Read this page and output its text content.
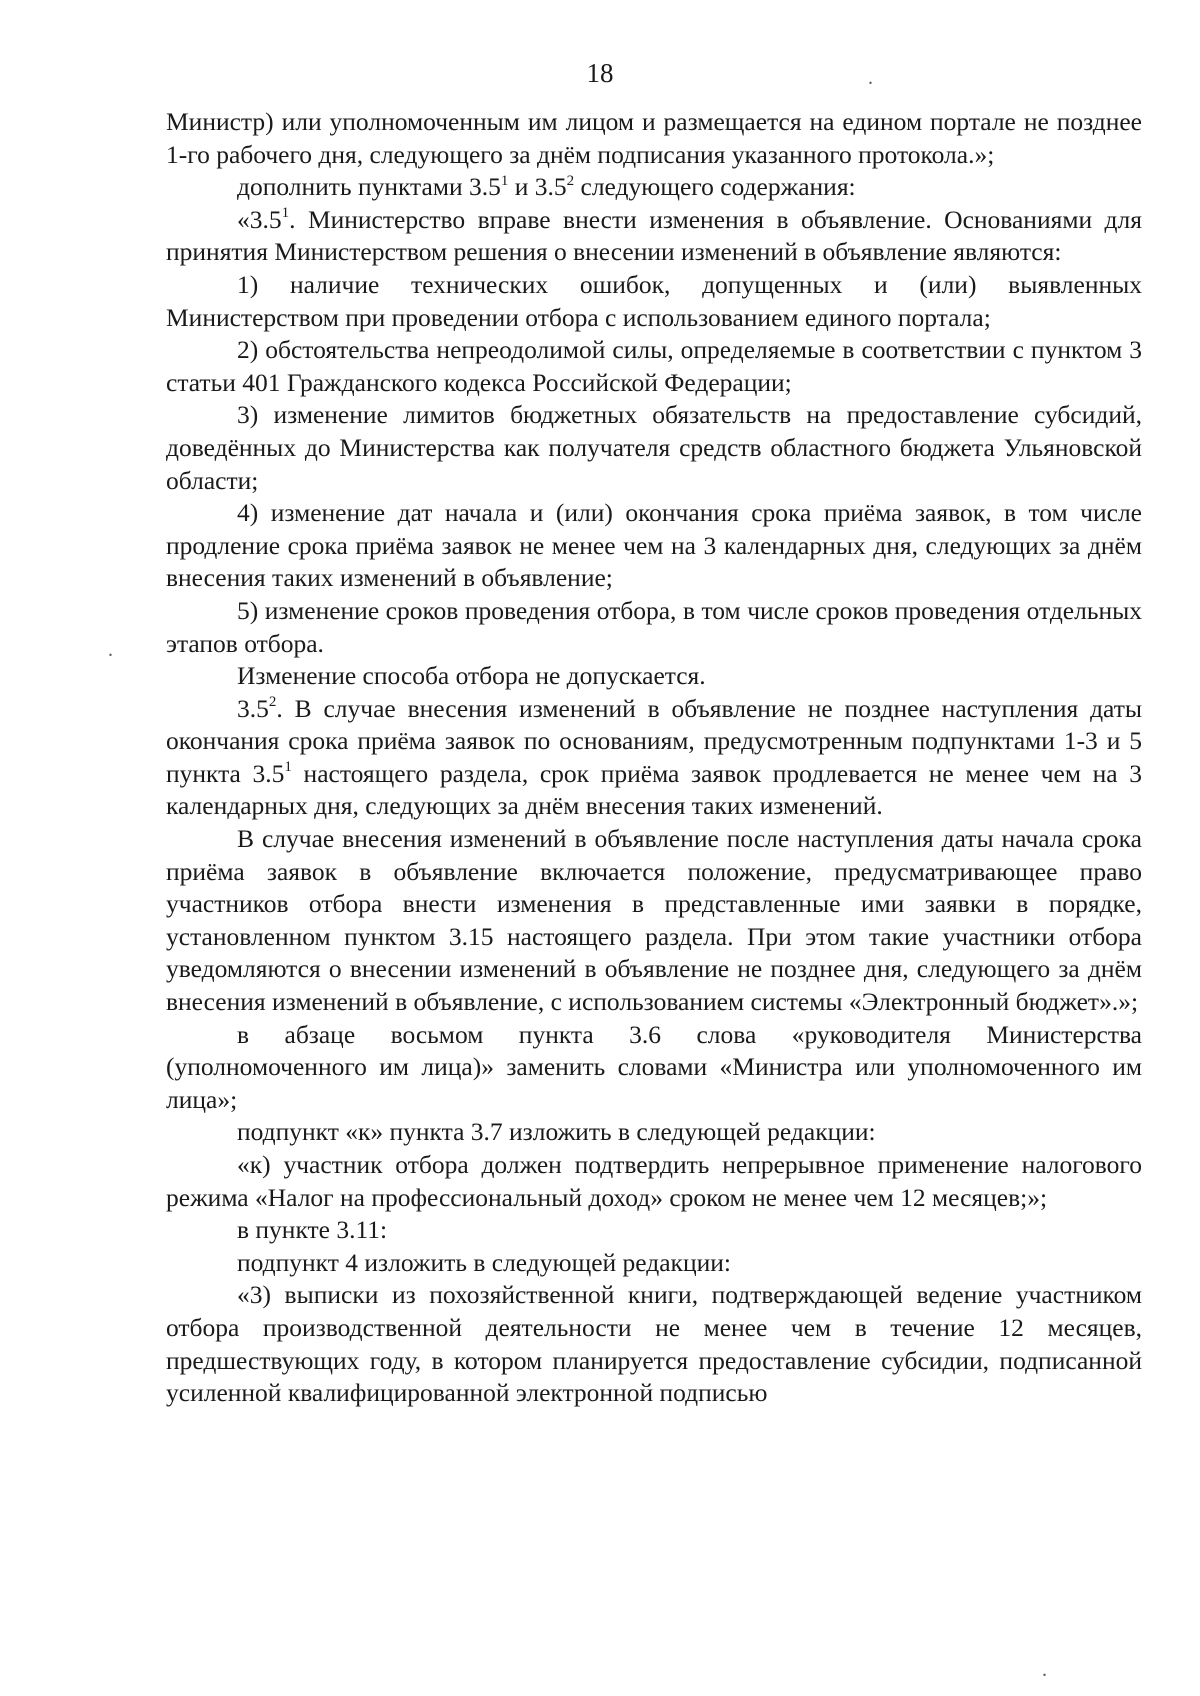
18	.
.
.

Министр) или уполномоченным им лицом и размещается на едином портале не позднее 1-го рабочего дня, следующего за днём подписания указанного протокола.»;

дополнить пунктами $3.5^1$ и $3.5^2$ следующего содержания:

«$3.5^1$. Министерство вправе внести изменения в объявление. Основаниями для принятия Министерством решения о внесении изменений в объявление являются:

1) наличие технических ошибок, допущенных и (или) выявленных Министерством при проведении отбора с использованием единого портала;

2) обстоятельства непреодолимой силы, определяемые в соответствии с пунктом 3 статьи 401 Гражданского кодекса Российской Федерации;

3) изменение лимитов бюджетных обязательств на предоставление субсидий, доведённых до Министерства как получателя средств областного бюджета Ульяновской области;

4) изменение дат начала и (или) окончания срока приёма заявок, в том числе продление срока приёма заявок не менее чем на 3 календарных дня, следующих за днём внесения таких изменений в объявление;

5) изменение сроков проведения отбора, в том числе сроков проведения отдельных этапов отбора.

Изменение способа отбора не допускается.

$3.5^2$. В случае внесения изменений в объявление не позднее наступления даты окончания срока приёма заявок по основаниям, предусмотренным подпунктами 1-3 и 5 пункта $3.5^1$ настоящего раздела, срок приёма заявок продлевается не менее чем на 3 календарных дня, следующих за днём внесения таких изменений.

В случае внесения изменений в объявление после наступления даты начала срока приёма заявок в объявление включается положение, предусматривающее право участников отбора внести изменения в представленные ими заявки в порядке, установленном пунктом 3.15 настоящего раздела. При этом такие участники отбора уведомляются о внесении изменений в объявление не позднее дня, следующего за днём внесения изменений в объявление, с использованием системы «Электронный бюджет».»;

в абзаце восьмом пункта 3.6 слова «руководителя Министерства (уполномоченного им лица)» заменить словами «Министра или уполномоченного им лица»;

подпункт «к» пункта 3.7 изложить в следующей редакции:

«к) участник отбора должен подтвердить непрерывное применение налогового режима «Налог на профессиональный доход» сроком не менее чем 12 месяцев;»;

в пункте 3.11:

подпункт 4 изложить в следующей редакции:

«3) выписки из похозяйственной книги, подтверждающей ведение участником отбора производственной деятельности не менее чем в течение 12 месяцев, предшествующих году, в котором планируется предоставление субсидии, подписанной усиленной квалифицированной электронной подписью
